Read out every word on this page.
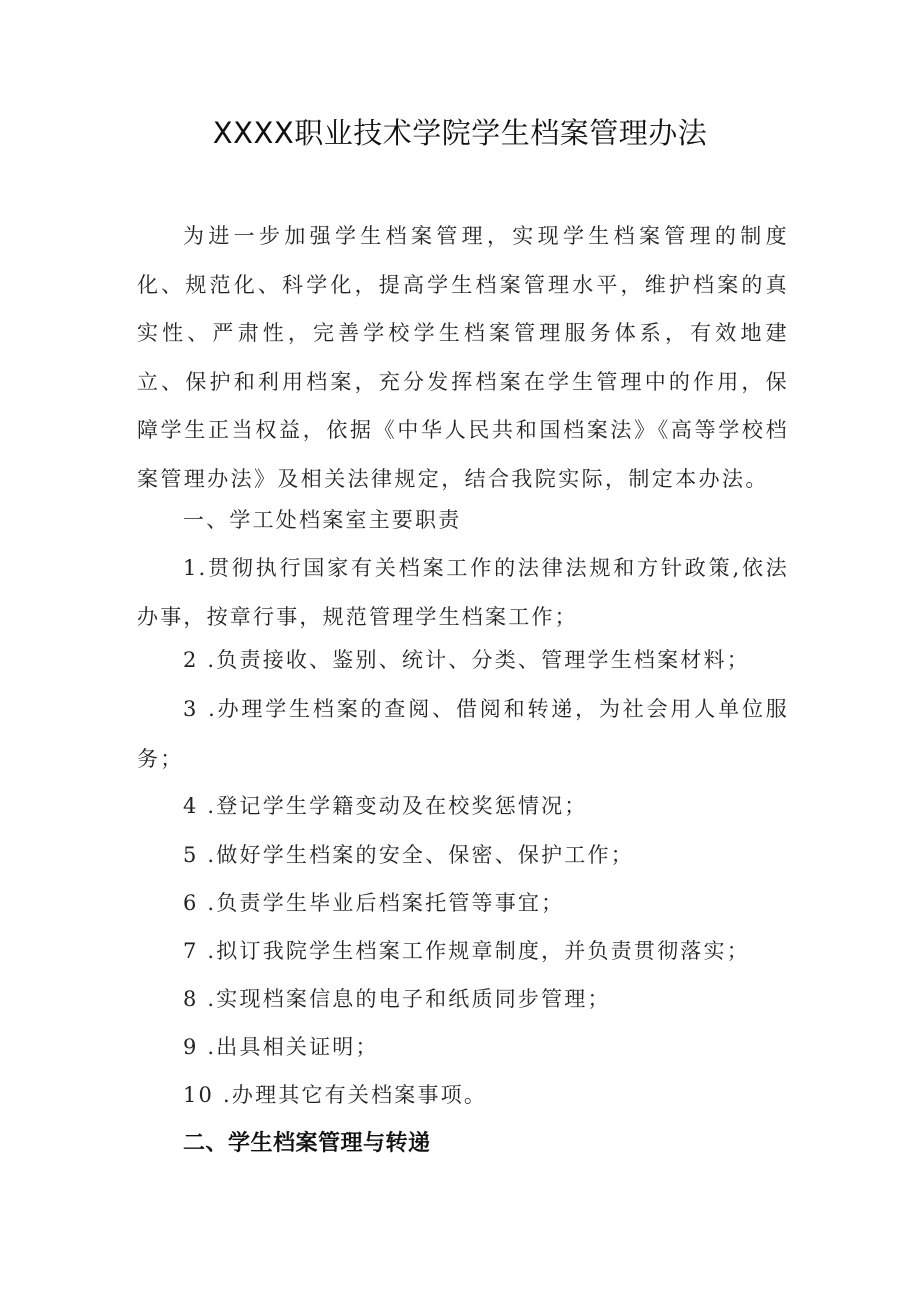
XXXX职业技术学院学生档案管理办法
为进一步加强学生档案管理，实现学生档案管理的制度化、规范化、科学化，提高学生档案管理水平，维护档案的真实性、严肃性，完善学校学生档案管理服务体系，有效地建立、保护和利用档案，充分发挥档案在学生管理中的作用，保障学生正当权益，依据《中华人民共和国档案法》《高等学校档案管理办法》及相关法律规定，结合我院实际，制定本办法。
一、学工处档案室主要职责
1.贯彻执行国家有关档案工作的法律法规和方针政策,依法办事，按章行事，规范管理学生档案工作；
2 .负责接收、鉴别、统计、分类、管理学生档案材料；
3 .办理学生档案的查阅、借阅和转递，为社会用人单位服务；
4 .登记学生学籍变动及在校奖惩情况；
5 .做好学生档案的安全、保密、保护工作；
6 .负责学生毕业后档案托管等事宜；
7 .拟订我院学生档案工作规章制度，并负责贯彻落实；
8 .实现档案信息的电子和纸质同步管理；
9 .出具相关证明；
10 .办理其它有关档案事项。
二、学生档案管理与转递
